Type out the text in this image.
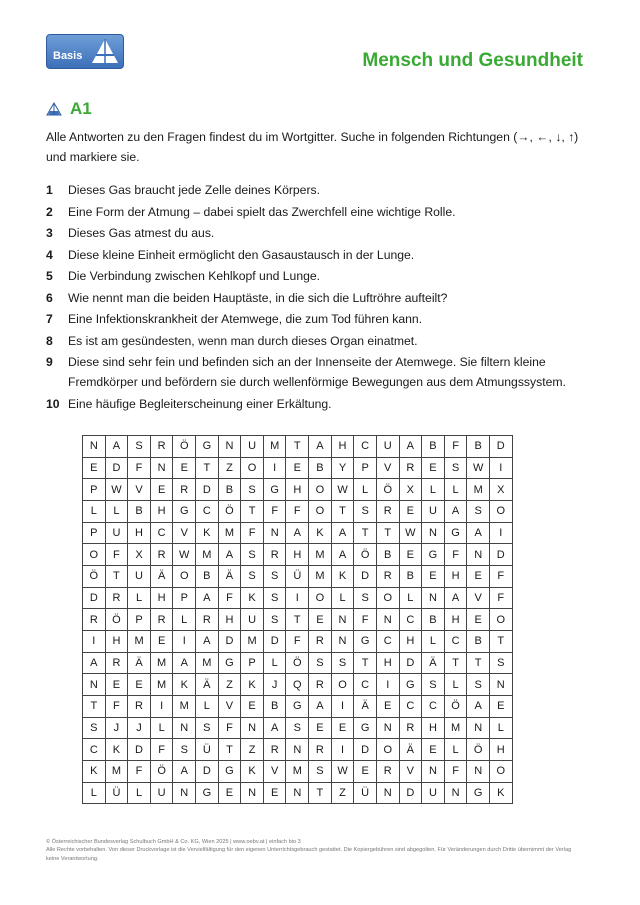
Basis	Mensch und Gesundheit
A1
Alle Antworten zu den Fragen findest du im Wortgitter. Suche in folgenden Richtungen (→, ←, ↓, ↑) und markiere sie.
1	Dieses Gas braucht jede Zelle deines Körpers.
2	Eine Form der Atmung – dabei spielt das Zwerchfell eine wichtige Rolle.
3	Dieses Gas atmest du aus.
4	Diese kleine Einheit ermöglicht den Gasaustausch in der Lunge.
5	Die Verbindung zwischen Kehlkopf und Lunge.
6	Wie nennt man die beiden Hauptäste, in die sich die Luftröhre aufteilt?
7	Eine Infektionskrankheit der Atemwege, die zum Tod führen kann.
8	Es ist am gesündesten, wenn man durch dieses Organ einatmet.
9	Diese sind sehr fein und befinden sich an der Innenseite der Atemwege. Sie filtern kleine Fremdkörper und befördern sie durch wellenförmige Bewegungen aus dem Atmungssystem.
10 Eine häufige Begleiterscheinung einer Erkältung.
N	A	S	R	Ö	G	N	U	M	T	A	H	C	U	A	B	F	B	D
E	D	F	N	E	T	Z	O	I	E	B	Y	P	V	R	E	S	W	I
P	W	V	E	R	D	B	S	G	H	O	W	L	Ö	X	L	L	M	X
L	L	B	H	G	C	Ö	T	F	F	O	T	S	R	E	U	A	S	O
P	U	H	C	V	K	M	F	N	A	K	A	T	T	W	N	G	A	I
O	F	X	R	W	M	A	S	R	H	M	A	Ö	B	E	G	F	N	D
Ö	T	U	Ä	O	B	Ä	S	S	Ü	M	K	D	R	B	E	H	E	F
D	R	L	H	P	A	F	K	S	I	O	L	S	O	L	N	A	V	F
R	Ö	P	R	L	R	H	U	S	T	E	N	F	N	C	B	H	E	O
I	H	M	E	I	A	D	M	D	F	R	N	G	C	H	L	C	B	T
A	R	Ä	M	A	M	G	P	L	Ö	S	S	T	H	D	Ä	T	T	S
N	E	E	M	K	Ä	Z	K	J	Q	R	O	C	I	G	S	L	S	N
T	F	R	I	M	L	V	E	B	G	A	I	Ä	E	C	C	Ö	A	E
S	J	J	L	N	S	F	N	A	S	E	E	G	N	R	H	M	N	L
C	K	D	F	S	Ü	T	Z	R	N	R	I	D	O	Ä	E	L	Ö	H
K	M	F	Ö	A	D	G	K	V	M	S	W	E	R	V	N	F	N	O
L	Ü	L	U	N	G	E	N	E	N	T	Z	Ü	N	D	U	N	G	K
© Österreichischer Bundesverlag Schulbuch GmbH & Co. KG, Wien 2025 | www.oebv.at | einfach bio 3
Alle Rechte vorbehalten. Von dieser Druckvorlage ist die Vervielfältigung für den eigenen Unterrichtsgebrauch gestattet. Die Kopiergebühren sind abgegolten. Für Veränderungen durch Dritte übernimmt der Verlag keine Verantwortung.
